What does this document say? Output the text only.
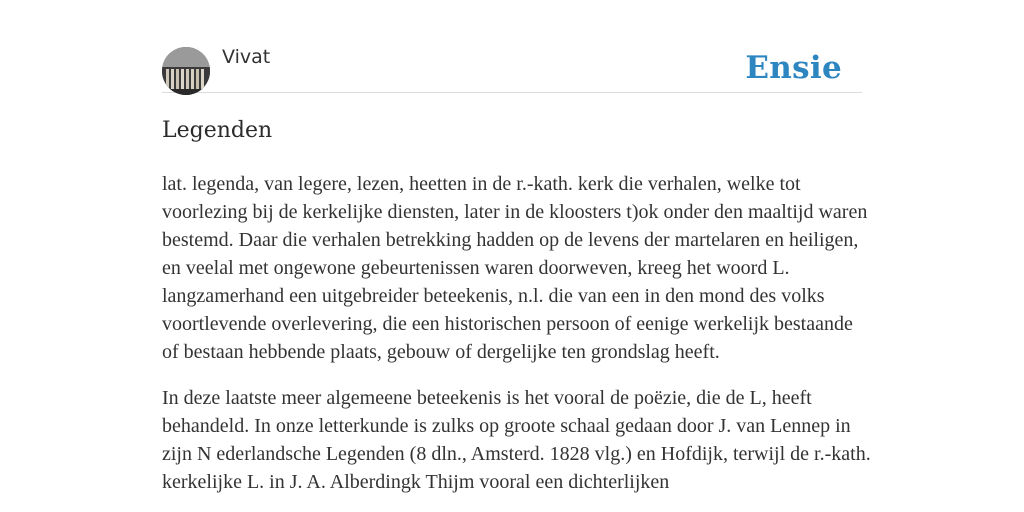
Vivat	Ensie
Legenden

lat. legenda, van legere, lezen, heetten in de r.-kath. kerk die verhalen, welke tot voorlezing bij de kerkelijke diensten, later in de kloosters t)ok onder den maaltijd waren bestemd. Daar die verhalen betrekking hadden op de levens der martelaren en heiligen, en veelal met ongewone gebeurtenissen waren doorweven, kreeg het woord L. langzamerhand een uitgebreider beteekenis, n.l. die van een in den mond des volks voortlevende overlevering, die een historischen persoon of eenige werkelijk bestaande of bestaan hebbende plaats, gebouw of dergelijke ten grondslag heeft.

In deze laatste meer algemeene beteekenis is het vooral de poëzie, die de L, heeft behandeld. In onze letterkunde is zulks op groote schaal gedaan door J. van Lennep in zijn N ederlandsche Legenden (8 dln., Amsterd. 1828 vlg.) en Hofdijk, terwijl de r.-kath. kerkelijke L. in J. A. Alberdingk Thijm vooral een dichterlijken
